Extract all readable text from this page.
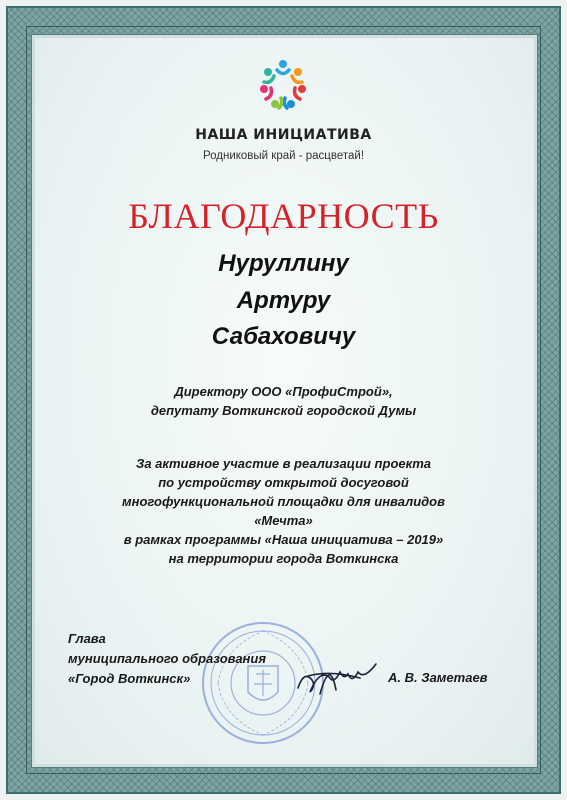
НАША ИНИЦИАТИВА
Родниковый край - расцветай!
БЛАГОДАРНОСТЬ
Нуруллину
Артуру
Сабаховичу
Директору ООО «ПрофиСтрой»,
депутату Воткинской городской Думы
За активное участие в реализации проекта
по устройству открытой досуговой
многофункциональной площадки для инвалидов
«Мечта»
в рамках программы «Наша инициатива – 2019»
на территории города Воткинска
Глава
муниципального образования
«Город Воткинск»	А. В. Заметаев
